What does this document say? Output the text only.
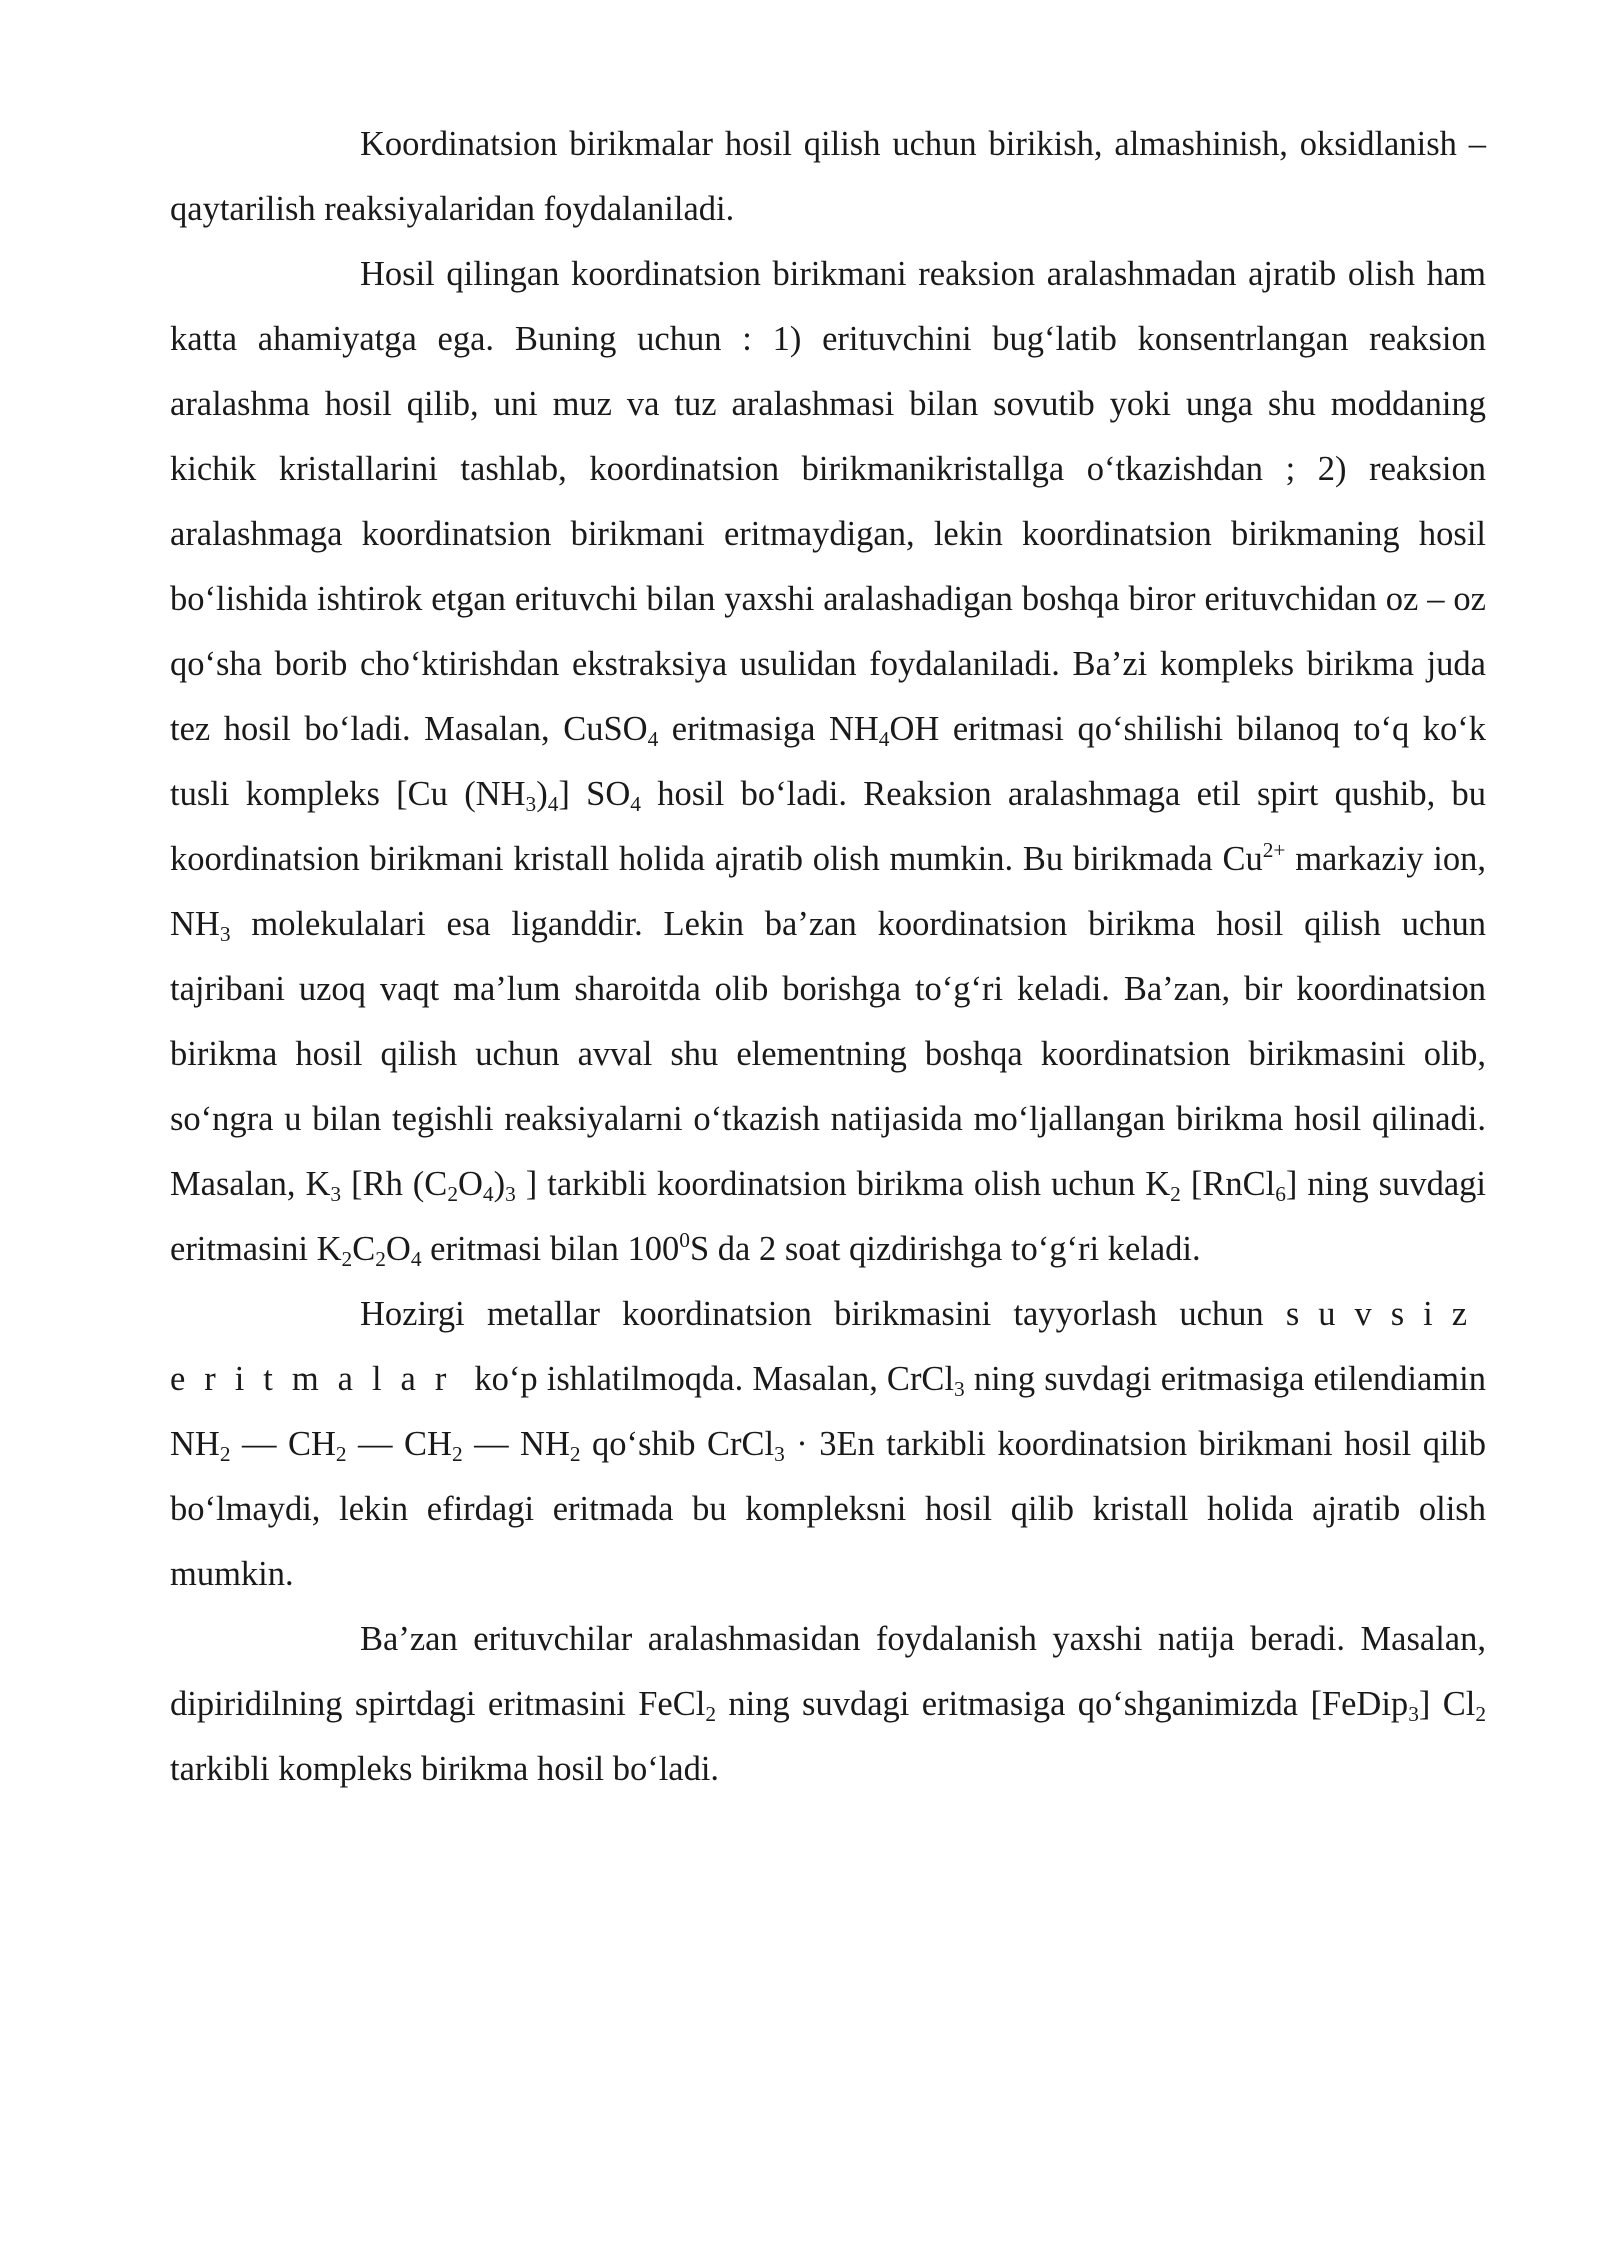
Koordinatsion birikmalar hosil qilish uchun birikish, almashinish, oksidlanish – qaytarilish reaksiyalaridan foydalaniladi.

Hosil qilingan koordinatsion birikmani reaksion aralashmadan ajratib olish ham katta ahamiyatga ega. Buning uchun : 1) erituvchini bug‘latib konsentrlangan reaksion aralashma hosil qilib, uni muz va tuz aralashmasi bilan sovutib yoki unga shu moddaning kichik kristallarini tashlab, koordinatsion birikmanikristallga o‘tkazishdan ; 2) reaksion aralashmaga koordinatsion birikmani eritmaydigan, lekin koordinatsion birikmaning hosil bo‘lishida ishtirok etgan erituvchi bilan yaxshi aralashadigan boshqa biror erituvchidan oz – oz qo‘sha borib cho‘ktirishdan ekstraksiya usulidan foydalaniladi. Ba’zi kompleks birikma juda tez hosil bo‘ladi. Masalan, CuSO$_4$ eritmasiga $NH_4OH$ eritmasi qo‘shilishi bilanoq to‘q ko‘k tusli kompleks [Cu $(NH_3)_4$] $SO_4$ hosil bo‘ladi. Reaksion aralashmaga etil spirt qushib, bu koordinatsion birikmani kristall holida ajratib olish mumkin. Bu birikmada $Cu^{2+}$ markaziy ion, $NH_3$ molekulalari esa liganddir. Lekin ba’zan koordinatsion birikma hosil qilish uchun tajribani uzoq vaqt ma’lum sharoitda olib borishga to‘g‘ri keladi. Ba’zan, bir koordinatsion birikma hosil qilish uchun avval shu elementning boshqa koordinatsion birikmasini olib, so‘ngra u bilan tegishli reaksiyalarni o‘tkazish natijasida mo‘ljallangan birikma hosil qilinadi. Masalan, $K_3$ [Rh $(C_2O_4)_3$ ] tarkibli koordinatsion birikma olish uchun $K_2$ [RnCl$_6$] ning suvdagi eritmasini $K_2C_2O_4$ eritmasi bilan $100^0S$ da 2 soat qizdirishga to‘g‘ri keladi.

Hozirgi metallar koordinatsion birikmasini tayyorlash uchun suvsiz eritmalar ko‘p ishlatilmoqda. Masalan, CrCl$_3$ ning suvdagi eritmasiga etilendiamin $NH_2$ — $CH_2$ — $CH_2$ — $NH_2$ qo‘shib CrCl$_3$ · 3En tarkibli koordinatsion birikmani hosil qilib bo‘lmaydi, lekin efirdagi eritmada bu kompleksni hosil qilib kristall holida ajratib olish mumkin.

Ba’zan erituvchilar aralashmasidan foydalanish yaxshi natija beradi. Masalan, dipiridilning spirtdagi eritmasini FeCl$_2$ ning suvdagi eritmasiga qo‘shganimizda [FeDip$_3$] $Cl_2$ tarkibli kompleks birikma hosil bo‘ladi.
